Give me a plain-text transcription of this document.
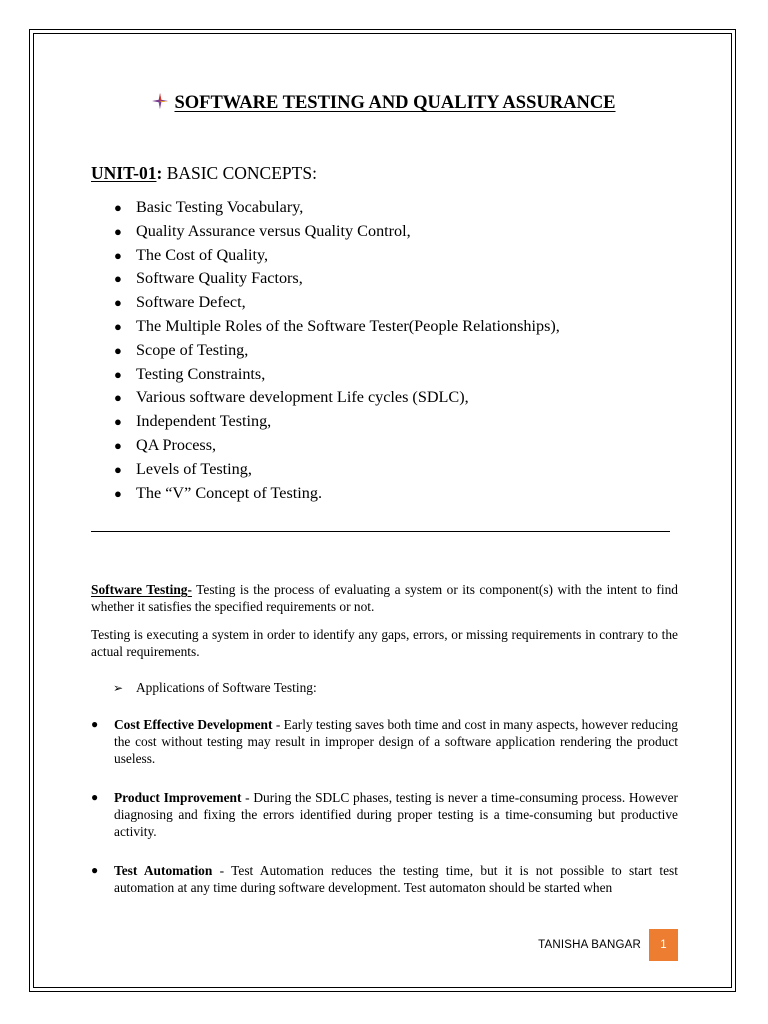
SOFTWARE TESTING AND QUALITY ASSURANCE
UNIT-01: BASIC CONCEPTS:
● Basic Testing Vocabulary,
● Quality Assurance versus Quality Control,
● The Cost of Quality,
● Software Quality Factors,
● Software Defect,
● The Multiple Roles of the Software Tester(People Relationships),
● Scope of Testing,
● Testing Constraints,
● Various software development Life cycles (SDLC),
● Independent Testing,
● QA Process,
● Levels of Testing,
● The “V” Concept of Testing.

Software Testing- Testing is the process of evaluating a system or its component(s) with the intent to find whether it satisfies the specified requirements or not.

Testing is executing a system in order to identify any gaps, errors, or missing requirements in contrary to the actual requirements.

➢ Applications of Software Testing:
● Cost Effective Development - Early testing saves both time and cost in many aspects, however reducing the cost without testing may result in improper design of a software application rendering the product useless.
● Product Improvement - During the SDLC phases, testing is never a time-consuming process. However diagnosing and fixing the errors identified during proper testing is a time-consuming but productive activity.
● Test Automation - Test Automation reduces the testing time, but it is not possible to start test automation at any time during software development. Test automaton should be started when
TANISHA BANGAR	1
